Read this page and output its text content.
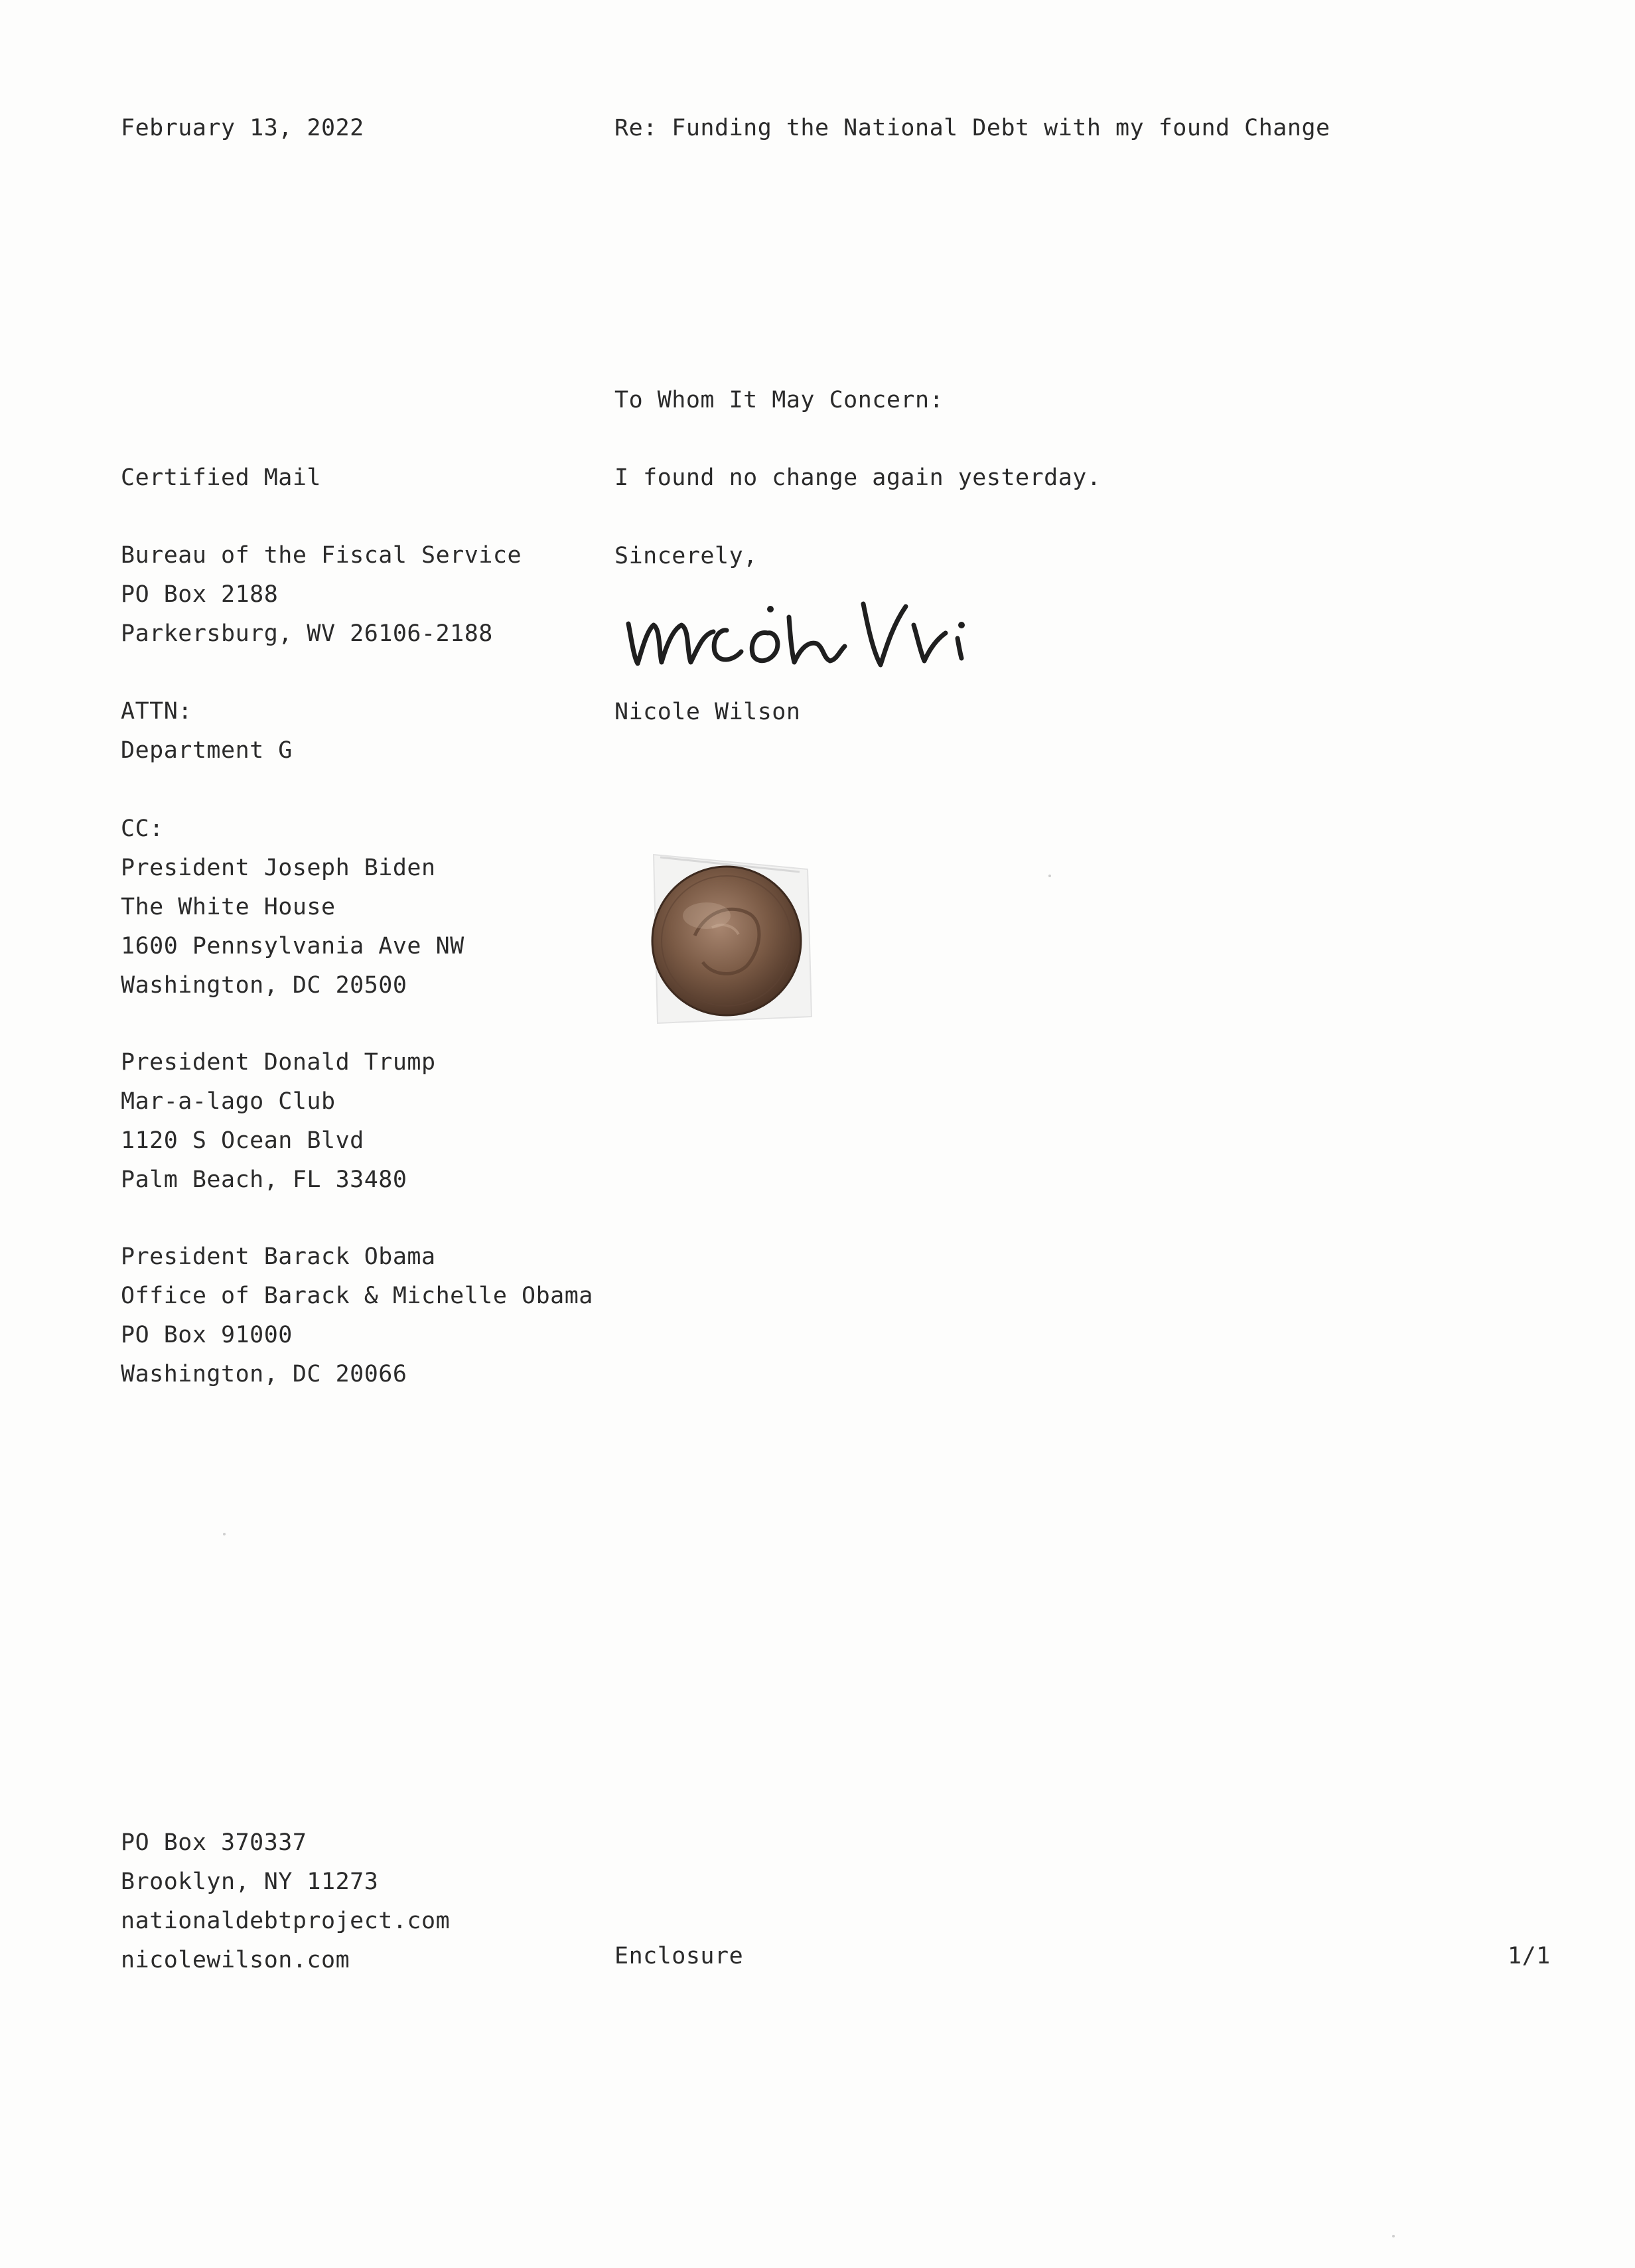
February 13, 2022	Re: Funding the National Debt with my found Change
To Whom It May Concern:
I found no change again yesterday.
Sincerely,
Nicole Wilson
Certified Mail
Bureau of the Fiscal Service
PO Box 2188
Parkersburg, WV 26106-2188
ATTN:
Department G
CC:
President Joseph Biden
The White House
1600 Pennsylvania Ave NW
Washington, DC 20500
President Donald Trump
Mar-a-lago Club
1120 S Ocean Blvd
Palm Beach, FL 33480
President Barack Obama
Office of Barack & Michelle Obama
PO Box 91000
Washington, DC 20066
PO Box 370337
Brooklyn, NY 11273
nationaldebtproject.com
nicolewilson.com	Enclosure	1/1
